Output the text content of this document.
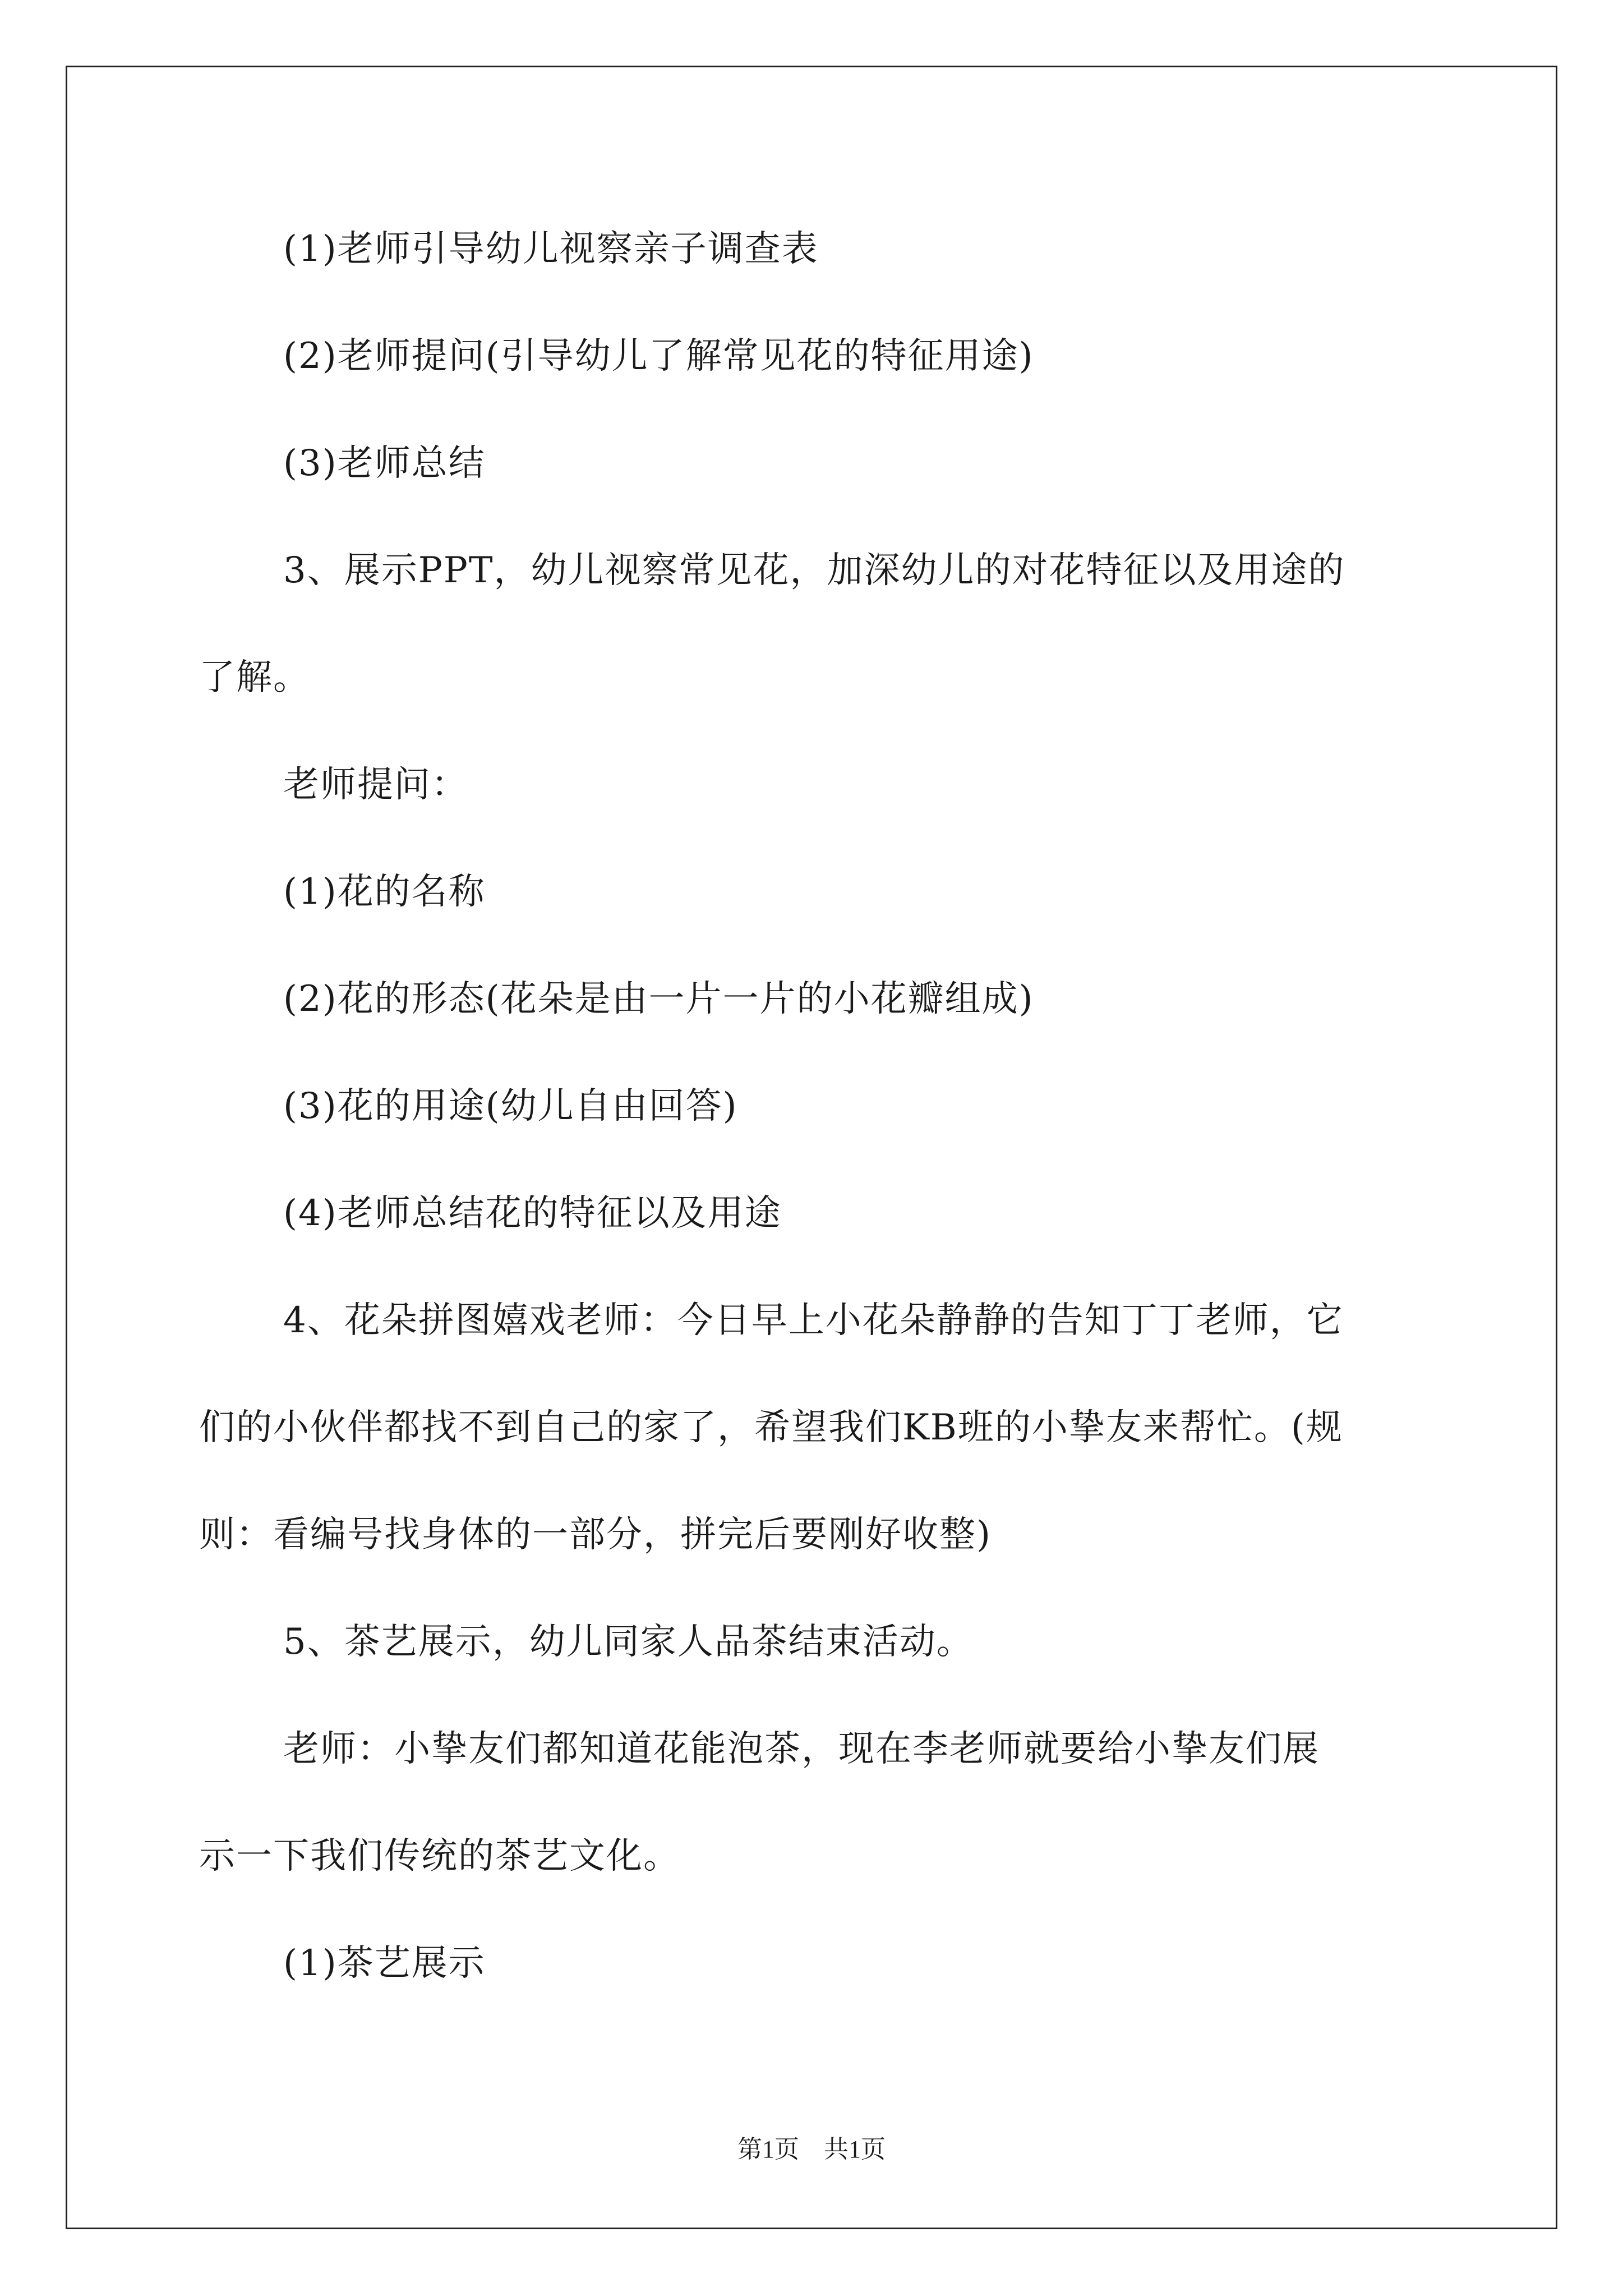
(1)老师引导幼儿视察亲子调查表

(2)老师提问(引导幼儿了解常见花的特征用途)

(3)老师总结

3、展示PPT，幼儿视察常见花，加深幼儿的对花特征以及用途的

了解。

老师提问：

(1)花的名称

(2)花的形态(花朵是由一片一片的小花瓣组成)

(3)花的用途(幼儿自由回答)

(4)老师总结花的特征以及用途

4、花朵拼图嬉戏老师：今日早上小花朵静静的告知丁丁老师，它

们的小伙伴都找不到自己的家了，希望我们KB班的小挚友来帮忙。(规

则：看编号找身体的一部分，拼完后要刚好收整)

5、茶艺展示，幼儿同家人品茶结束活动。

老师：小挚友们都知道花能泡茶，现在李老师就要给小挚友们展

示一下我们传统的茶艺文化。

(1)茶艺展示

第1页　共1页
